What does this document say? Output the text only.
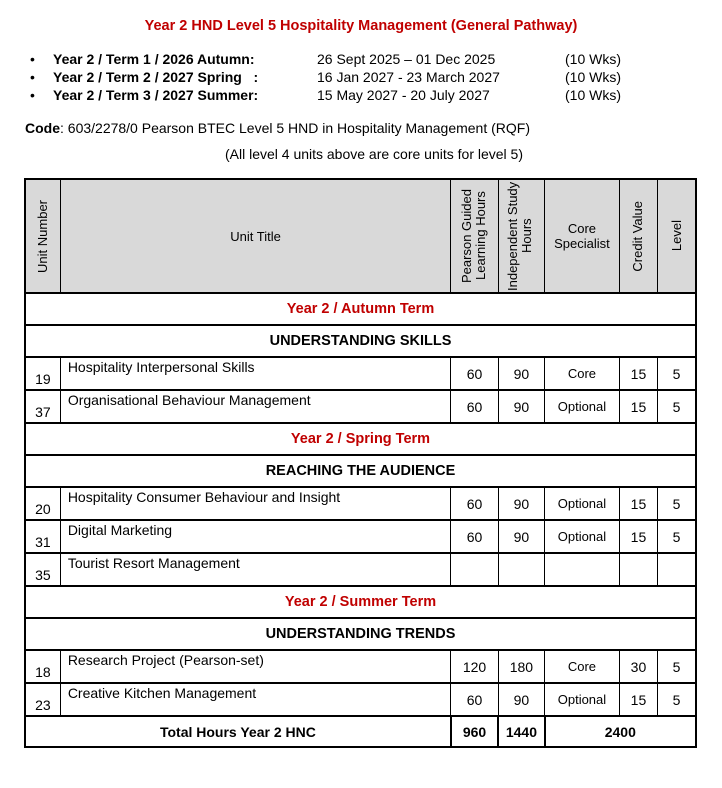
Year 2 HND Level 5 Hospitality Management (General Pathway)
• Year 2 / Term 1 / 2026 Autumn:	26 Sept 2025 – 01 Dec 2025	(10 Wks)
• Year 2 / Term 2 / 2027 Spring   :	16 Jan 2027 - 23 March 2027	(10 Wks)
• Year 2 / Term 3 / 2027 Summer:	15 May 2027 - 20 July 2027	(10 Wks)
Code: 603/2278/0 Pearson BTEC Level 5 HND in Hospitality Management (RQF)
(All level 4 units above are core units for level 5)
Unit Number	Unit Title	Pearson Guided Learning Hours	Independent Study Hours	Core Specialist	Credit Value	Level

Year 2 / Autumn Term						
UNDERSTANDING SKILLS						
19	Hospitality Interpersonal Skills	60	90	Core	15	5
37	Organisational Behaviour Management	60	90	Optional	15	5
Year 2 / Spring Term						
REACHING THE AUDIENCE						
20	Hospitality Consumer Behaviour and Insight	60	90	Optional	15	5
31	Digital Marketing	60	90	Optional	15	5
35	Tourist Resort Management					
Year 2 / Summer Term						
UNDERSTANDING TRENDS						
18	Research Project (Pearson-set)	120	180	Core	30	5
23	Creative Kitchen Management	60	90	Optional	15	5
Total Hours Year 2 HNC		960	1440	2400		
